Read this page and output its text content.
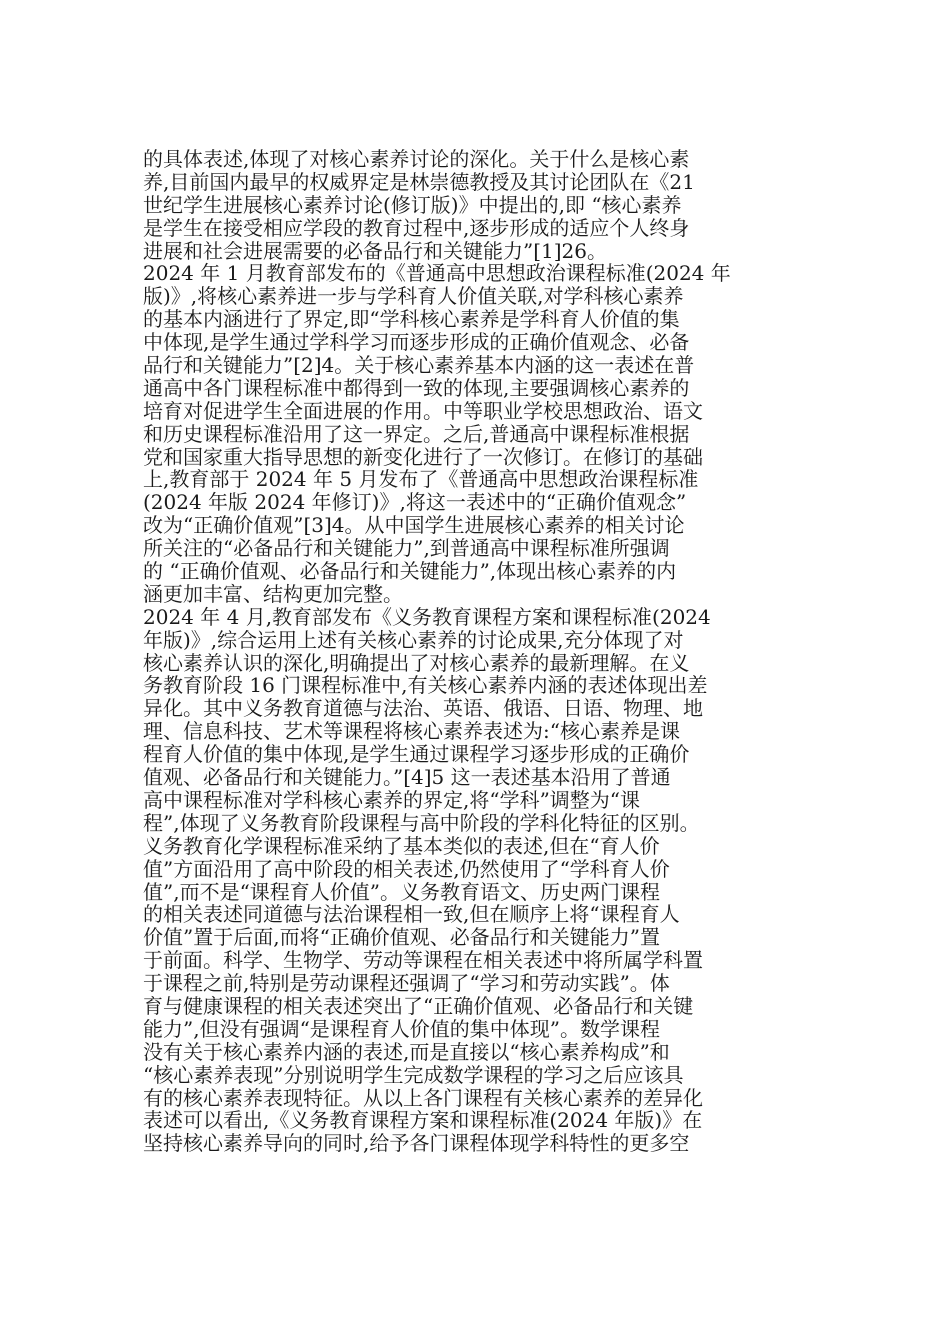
的具体表述,体现了对核心素养讨论的深化。关于什么是核心素
养,目前国内最早的权威界定是林崇德教授及其讨论团队在《21
世纪学生进展核心素养讨论(修订版)》中提出的,即 “核心素养
是学生在接受相应学段的教育过程中,逐步形成的适应个人终身
进展和社会进展需要的必备品行和关键能力”[1]26。
2024 年 1 月教育部发布的《普通高中思想政治课程标准(2024 年
版)》,将核心素养进一步与学科育人价值关联,对学科核心素养
的基本内涵进行了界定,即“学科核心素养是学科育人价值的集
中体现,是学生通过学科学习而逐步形成的正确价值观念、必备
品行和关键能力”[2]4。关于核心素养基本内涵的这一表述在普
通高中各门课程标准中都得到一致的体现,主要强调核心素养的
培育对促进学生全面进展的作用。中等职业学校思想政治、语文
和历史课程标准沿用了这一界定。之后,普通高中课程标准根据
党和国家重大指导思想的新变化进行了一次修订。在修订的基础
上,教育部于 2024 年 5 月发布了《普通高中思想政治课程标准
(2024 年版 2024 年修订)》,将这一表述中的“正确价值观念”
改为“正确价值观”[3]4。从中国学生进展核心素养的相关讨论
所关注的“必备品行和关键能力”,到普通高中课程标准所强调
的 “正确价值观、必备品行和关键能力”,体现出核心素养的内
涵更加丰富、结构更加完整。
2024 年 4 月,教育部发布《义务教育课程方案和课程标准(2024
年版)》,综合运用上述有关核心素养的讨论成果,充分体现了对
核心素养认识的深化,明确提出了对核心素养的最新理解。在义
务教育阶段 16 门课程标准中,有关核心素养内涵的表述体现出差
异化。其中义务教育道德与法治、英语、俄语、日语、物理、地
理、信息科技、艺术等课程将核心素养表述为:“核心素养是课
程育人价值的集中体现,是学生通过课程学习逐步形成的正确价
值观、必备品行和关键能力。”[4]5 这一表述基本沿用了普通
高中课程标准对学科核心素养的界定,将“学科”调整为“课
程”,体现了义务教育阶段课程与高中阶段的学科化特征的区别。
义务教育化学课程标准采纳了基本类似的表述,但在“育人价
值”方面沿用了高中阶段的相关表述,仍然使用了“学科育人价
值”,而不是“课程育人价值”。义务教育语文、历史两门课程
的相关表述同道德与法治课程相一致,但在顺序上将“课程育人
价值”置于后面,而将“正确价值观、必备品行和关键能力”置
于前面。科学、生物学、劳动等课程在相关表述中将所属学科置
于课程之前,特别是劳动课程还强调了“学习和劳动实践”。体
育与健康课程的相关表述突出了“正确价值观、必备品行和关键
能力”,但没有强调“是课程育人价值的集中体现”。数学课程
没有关于核心素养内涵的表述,而是直接以“核心素养构成”和
“核心素养表现”分别说明学生完成数学课程的学习之后应该具
有的核心素养表现特征。从以上各门课程有关核心素养的差异化
表述可以看出,《义务教育课程方案和课程标准(2024 年版)》在
坚持核心素养导向的同时,给予各门课程体现学科特性的更多空
